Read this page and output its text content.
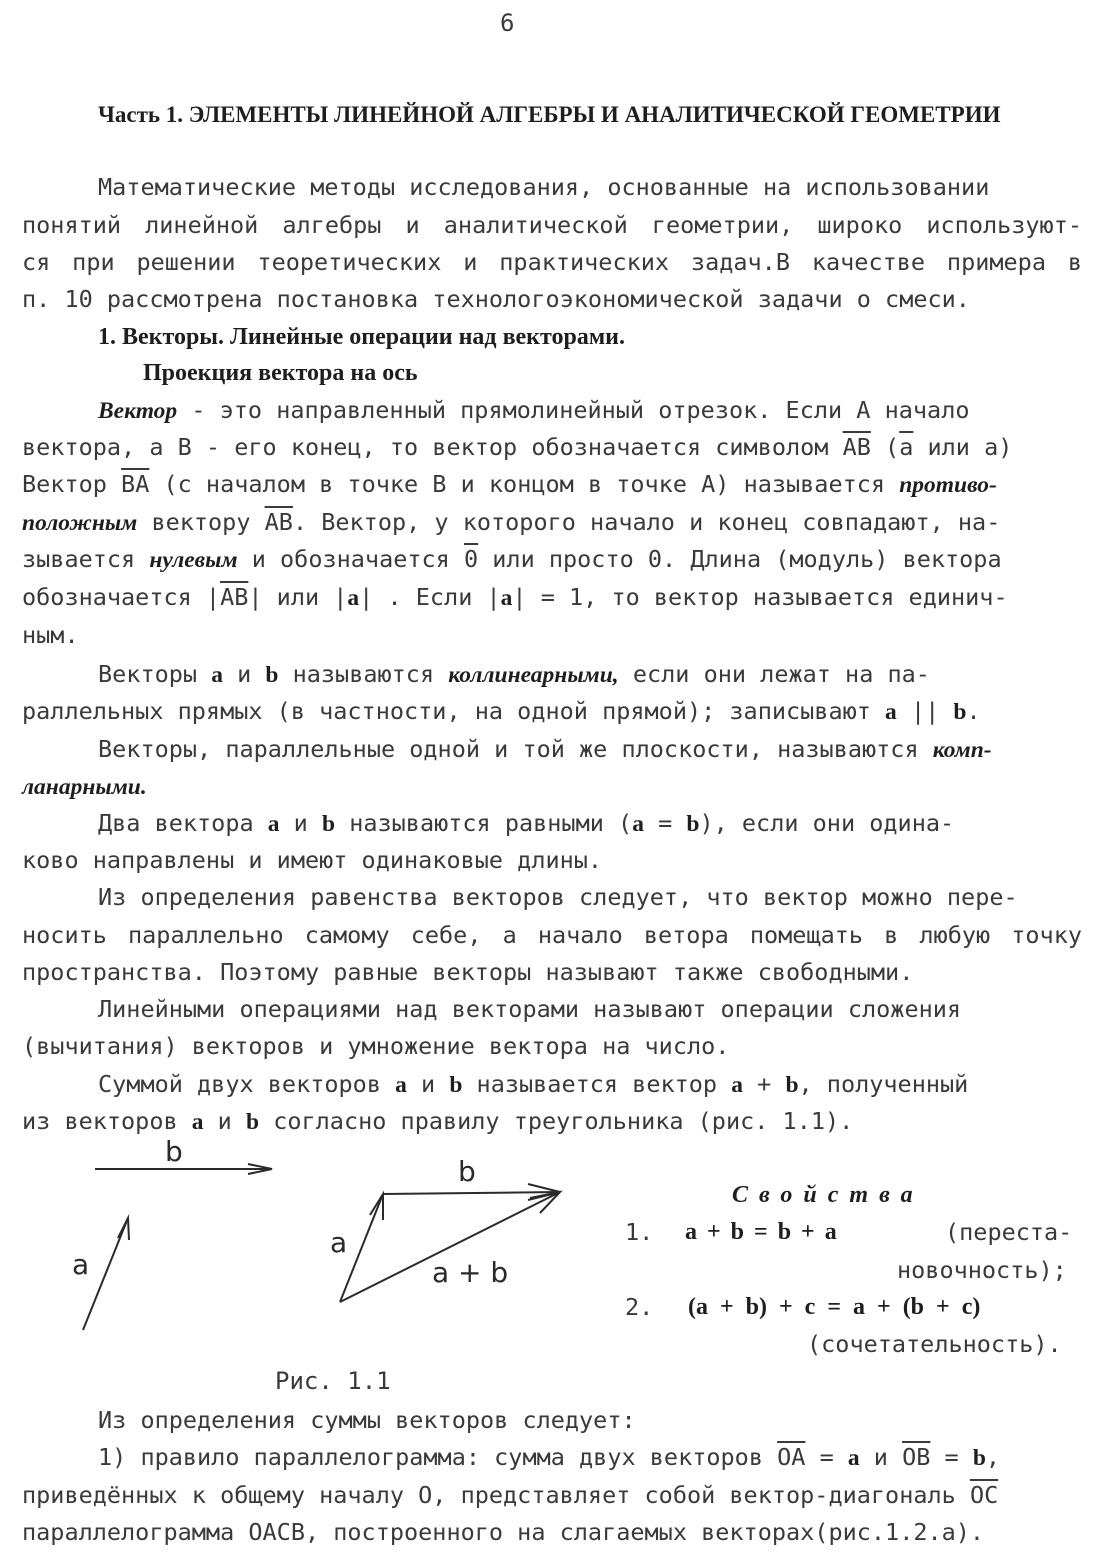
6
Часть 1. ЭЛЕМЕНТЫ ЛИНЕЙНОЙ АЛГЕБРЫ И АНАЛИТИЧЕСКОЙ ГЕОМЕТРИИ
Математические методы исследования, основанные на использовании
понятий линейной алгебры и аналитической геометрии, широко используют-
ся при решении теоретических и практических задач.В качестве примера в
п. 10 рассмотрена постановка технологоэкономической задачи о смеси.
1. Векторы. Линейные операции над векторами.
Проекция вектора на ось
Вектор - это направленный прямолинейный отрезок. Если А начало
вектора, а В - его конец, то вектор обозначается символом $\overline{AB}$ ($\overline{a}$ или а)
Вектор $\overline{BA}$ (с началом в точке В и концом в точке А) называется противо-
положным вектору $\overline{AB}$. Вектор, у которого начало и конец совпадают, на-
зывается нулевым и обозначается 0 или просто 0. Длина (модуль) вектора
обозначается $|\overline{AB}|$ или |a| . Если |a| = 1, то вектор называется единич-
ным.
Векторы a и b называются коллинеарными, если они лежат на па-
раллельных прямых (в частности, на одной прямой); записывают a || b.
Векторы, параллельные одной и той же плоскости, называются комп-
ланарными.
Два вектора a и b называются равными (a = b), если они одина-
ково направлены и имеют одинаковые длины.
Из определения равенства векторов следует, что вектор можно пере-
носить параллельно самому себе, а начало ветора помещать в любую точку
пространства. Поэтому равные векторы называют также свободными.
Линейными операциями над векторами называют операции сложения
(вычитания) векторов и умножение вектора на число.
Суммой двух векторов a и b называется вектор a + b, полученный
из векторов a и b согласно правилу треугольника (рис. 1.1).
b
a
b
a
a + b
Рис. 1.1
Свойства
1. a + b = b + a	(переста-
новочность);
2. (a + b) + c = a + (b + c)
(сочетательность).
Из определения суммы векторов следует:
1) правило параллелограмма: сумма двух векторов $\overline{OA} = a$ и $\overline{OB} = b$,
приведённых к общему началу О, представляет собой вектор-диагональ $\overline{OC}$
параллелограмма ОАСВ, построенного на слагаемых векторах(рис.1.2.а).
